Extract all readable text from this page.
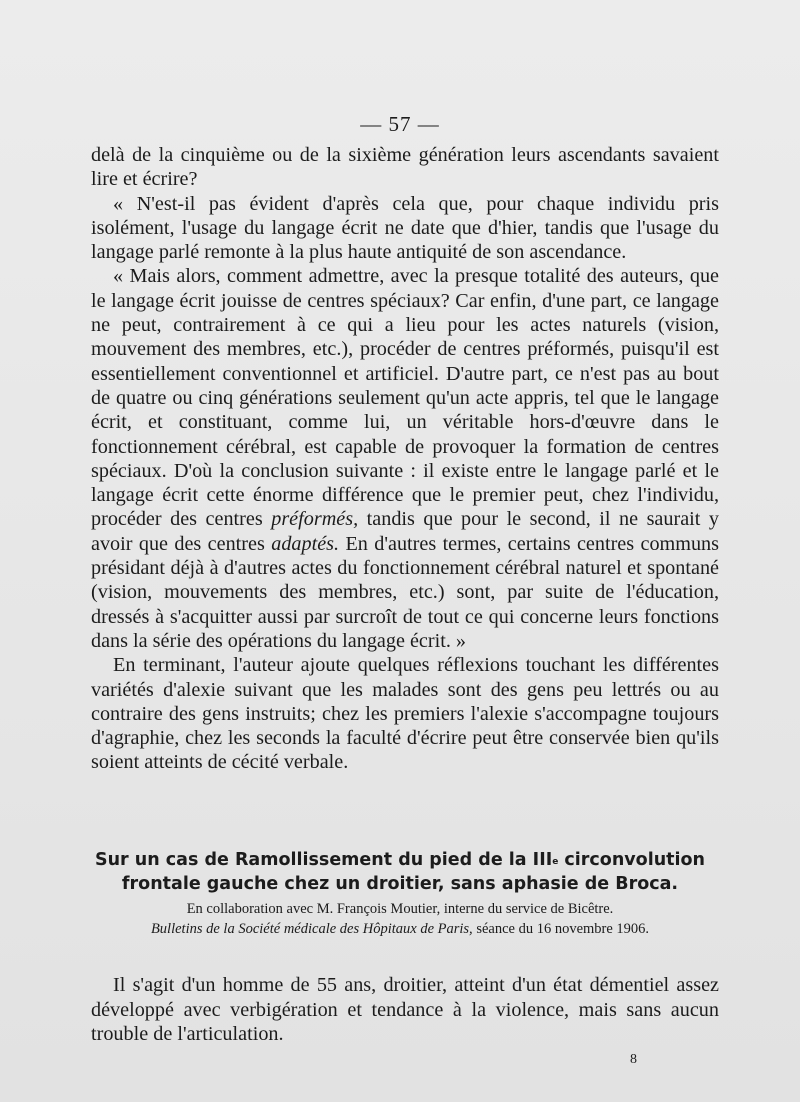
— 57 —

delà de la cinquième ou de la sixième génération leurs ascendants savaient lire et écrire?

« N'est-il pas évident d'après cela que, pour chaque individu pris isolément, l'usage du langage écrit ne date que d'hier, tandis que l'usage du langage parlé remonte à la plus haute antiquité de son ascendance.

« Mais alors, comment admettre, avec la presque totalité des auteurs, que le langage écrit jouisse de centres spéciaux? Car enfin, d'une part, ce langage ne peut, contrairement à ce qui a lieu pour les actes naturels (vision, mouvement des membres, etc.), procéder de centres préformés, puisqu'il est essentiellement conventionnel et artificiel. D'autre part, ce n'est pas au bout de quatre ou cinq générations seulement qu'un acte appris, tel que le langage écrit, et constituant, comme lui, un véritable hors-d'œuvre dans le fonctionnement cérébral, est capable de provoquer la formation de centres spéciaux. D'où la conclusion suivante : il existe entre le langage parlé et le langage écrit cette énorme différence que le premier peut, chez l'individu, procéder des centres préformés, tandis que pour le second, il ne saurait y avoir que des centres adaptés. En d'autres termes, certains centres communs présidant déjà à d'autres actes du fonctionnement cérébral naturel et spontané (vision, mouvements des membres, etc.) sont, par suite de l'éducation, dressés à s'acquitter aussi par surcroît de tout ce qui concerne leurs fonctions dans la série des opérations du langage écrit. »

En terminant, l'auteur ajoute quelques réflexions touchant les différentes variétés d'alexie suivant que les malades sont des gens peu lettrés ou au contraire des gens instruits; chez les premiers l'alexie s'accompagne toujours d'agraphie, chez les seconds la faculté d'écrire peut être conservée bien qu'ils soient atteints de cécité verbale.

Sur un cas de Ramollissement du pied de la IIIe circonvolution
frontale gauche chez un droitier, sans aphasie de Broca.
En collaboration avec M. François Moutier, interne du service de Bicêtre.
Bulletins de la Société médicale des Hôpitaux de Paris, séance du 16 novembre 1906.

Il s'agit d'un homme de 55 ans, droitier, atteint d'un état démentiel assez développé avec verbigération et tendance à la violence, mais sans aucun trouble de l'articulation.

8
